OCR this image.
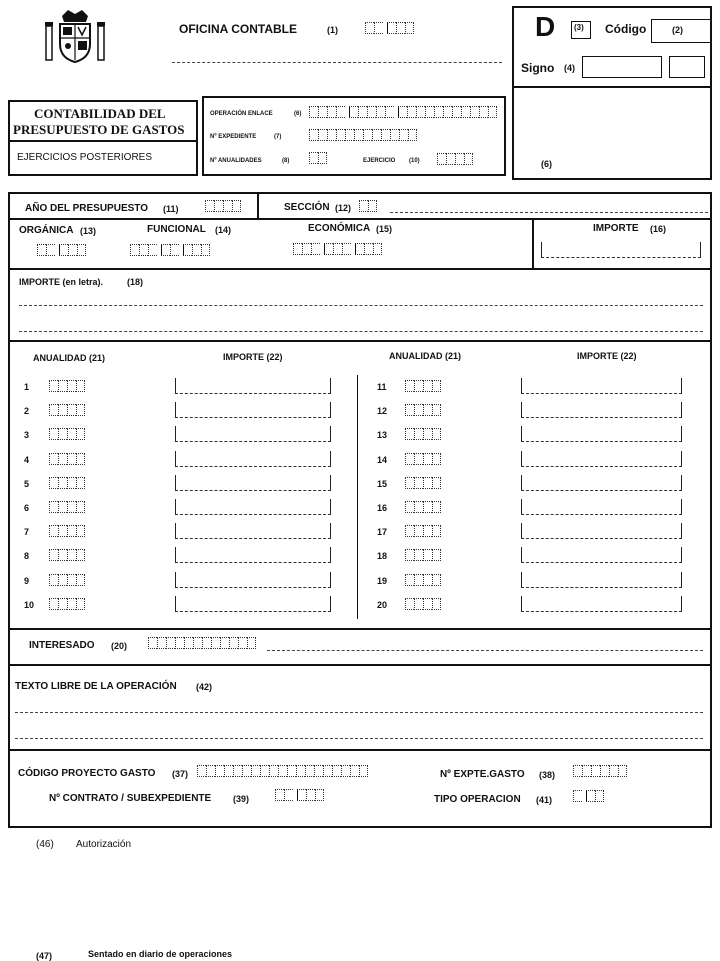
OFICINA CONTABLE	(1)	D (3) Código	(2)
Signo (4)
(6)
CONTABILIDAD DEL
PRESUPUESTO DE GASTOS
EJERCICIOS POSTERIORES
OPERACIÓN ENLACE	(6)
Nº EXPEDIENTE	(7)
Nº ANUALIDADES	(8)	EJERCICIO (10)
AÑO DEL PRESUPUESTO (11)	SECCIÓN (12)
ORGÁNICA (13)	FUNCIONAL (14)	ECONÓMICA (15)	IMPORTE (16)
IMPORTE (en letra).	(18)
ANUALIDAD (21)	IMPORTE (22)	ANUALIDAD (21)	IMPORTE (22)
1
2
3
4
5
6
7
8
9
10
11
12
13
14
15
16
17
18
19
20
INTERESADO (20)
TEXTO LIBRE DE LA OPERACIÓN (42)
CÓDIGO PROYECTO GASTO (37)	Nº EXPTE.GASTO (38)
Nº CONTRATO / SUBEXPEDIENTE (39)	TIPO OPERACION (41)
(46) Autorización
(47)	Sentado en diario de operaciones
